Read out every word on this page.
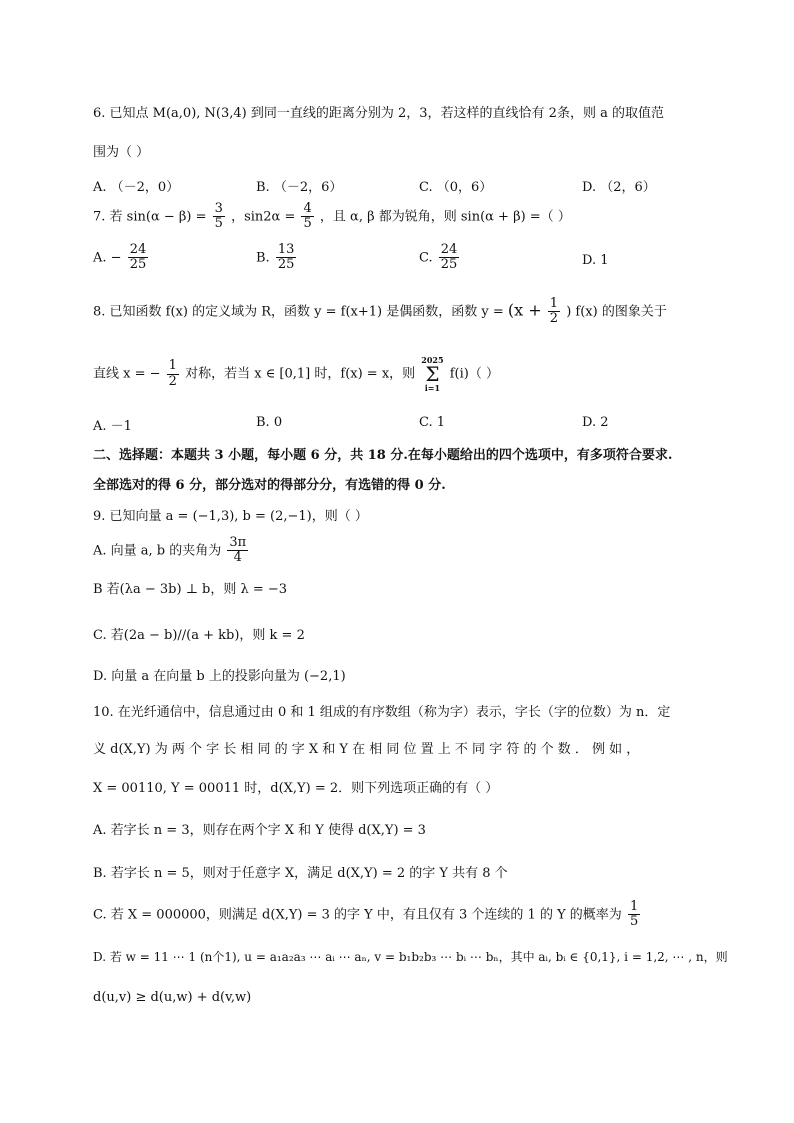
6. 已知点 M(a,0), N(3,4) 到同一直线的距离分别为 2，3，若这样的直线恰有 2条，则 a 的取值范
围为（ ）
A. （－2，0）	B. （－2，6）	C. （0，6）	D. （2，6）
7. 若 $\sin(\alpha - \beta) = \frac{3}{5}$ ，$\sin 2\alpha = \frac{4}{5}$ ，且 α, β 都为锐角，则 sin(α + β) =（ ）
A. − $\frac{24}{25}$	B. $\frac{13}{25}$	C. $\frac{24}{25}$	D. 1
8. 已知函数 f(x) 的定义域为 R，函数 y = f(x+1) 是偶函数，函数 $y = (x + \frac{1}{2}$ ) f(x) 的图象关于
直线 x = − $\frac{1}{2}$ 对称，若当 x ∈ [0,1] 时，f(x) = x，则
2025
Σ
i=1
f(i)（ ）
A. －1	B. 0	C. 1	D. 2
二、选择题：本题共 3 小题，每小题 6 分，共 18 分.在每小题给出的四个选项中，有多项符合要求.
全部选对的得 6 分，部分选对的得部分分，有选错的得 0 分.
9. 已知向量 a = (−1,3), b = (2,−1)，则（ ）
A. 向量 a, b 的夹角为 $\frac{3\pi}{4}$
B 若(λa − 3b) ⊥ b，则 λ = −3
C. 若(2a − b)//(a + kb)，则 k = 2
D. 向量 a 在向量 b 上的投影向量为 (−2,1)
10. 在光纤通信中，信息通过由 0 和 1 组成的有序数组（称为字）表示，字长（字的位数）为 n．定
义 d(X,Y) 为 两 个 字 长 相 同 的 字 X 和 Y 在 相 同 位 置 上 不 同 字 符 的 个 数 ． 例 如 ，
X = 00110, Y = 00011 时，d(X,Y) = 2．则下列选项正确的有（ ）
A. 若字长 n = 3，则存在两个字 X 和 Y 使得 d(X,Y) = 3
B. 若字长 n = 5，则对于任意字 X，满足 d(X,Y) = 2 的字 Y 共有 8 个
C. 若 X = 000000，则满足 d(X,Y) = 3 的字 Y 中，有且仅有 3 个连续的 1 的 Y 的概率为 $\frac{1}{5}$
D. 若 w = 11 ⋯ 1 (n个1), u = a₁a₂a₃ ⋯ aᵢ ⋯ aₙ, v = b₁b₂b₃ ⋯ bᵢ ⋯ bₙ，其中 aᵢ, bᵢ ∈ {0,1}, i = 1,2, ⋯ , n，则
d(u,v) ≥ d(u,w) + d(v,w)
